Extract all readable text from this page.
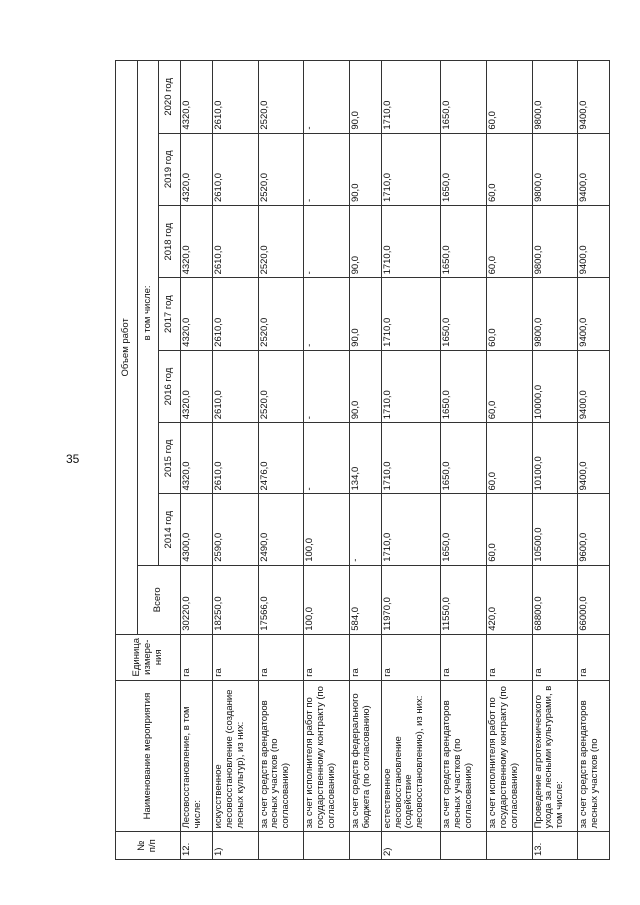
35
№ п/п	Наименование мероприятия	Единица измере-ния	Объем работ							
			Всего	в том числе:						
				2014 год	2015 год	2016 год	2017 год	2018 год	2019 год	2020 год
12.	Лесовосстановление, в том числе:	га	30220,0	4300,0	4320,0	4320,0	4320,0	4320,0	4320,0	4320,0
1)	искусственное лесовосстановление (создание лесных культур), из них:	га	18250,0	2590,0	2610,0	2610,0	2610,0	2610,0	2610,0	2610,0
	за счет средств арендаторов лесных участков (по согласованию)	га	17566,0	2490,0	2476,0	2520,0	2520,0	2520,0	2520,0	2520,0
	за счет исполнителя работ по государственному контракту (по согласованию)	га	100,0	100,0	-	-	-	-	-	-
	за счет средств федерального бюджета (по согласованию)	га	584,0	-	134,0	90,0	90,0	90,0	90,0	90,0
2)	естественное лесовосстановление (содействие лесовосстановлению), из них:	га	11970,0	1710,0	1710,0	1710,0	1710,0	1710,0	1710,0	1710,0
	за счет средств арендаторов лесных участков (по согласованию)	га	11550,0	1650,0	1650,0	1650,0	1650,0	1650,0	1650,0	1650,0
	за счет исполнителя работ по государственному контракту (по согласованию)	га	420,0	60,0	60,0	60,0	60,0	60,0	60,0	60,0
13.	Проведение агротехнического ухода за лесными культурами, в том числе:	га	68800,0	10500,0	10100,0	10000,0	9800,0	9800,0	9800,0	9800,0
	за счет средств арендаторов лесных участков (по	га	66000,0	9600,0	9400,0	9400,0	9400,0	9400,0	9400,0	9400,0
